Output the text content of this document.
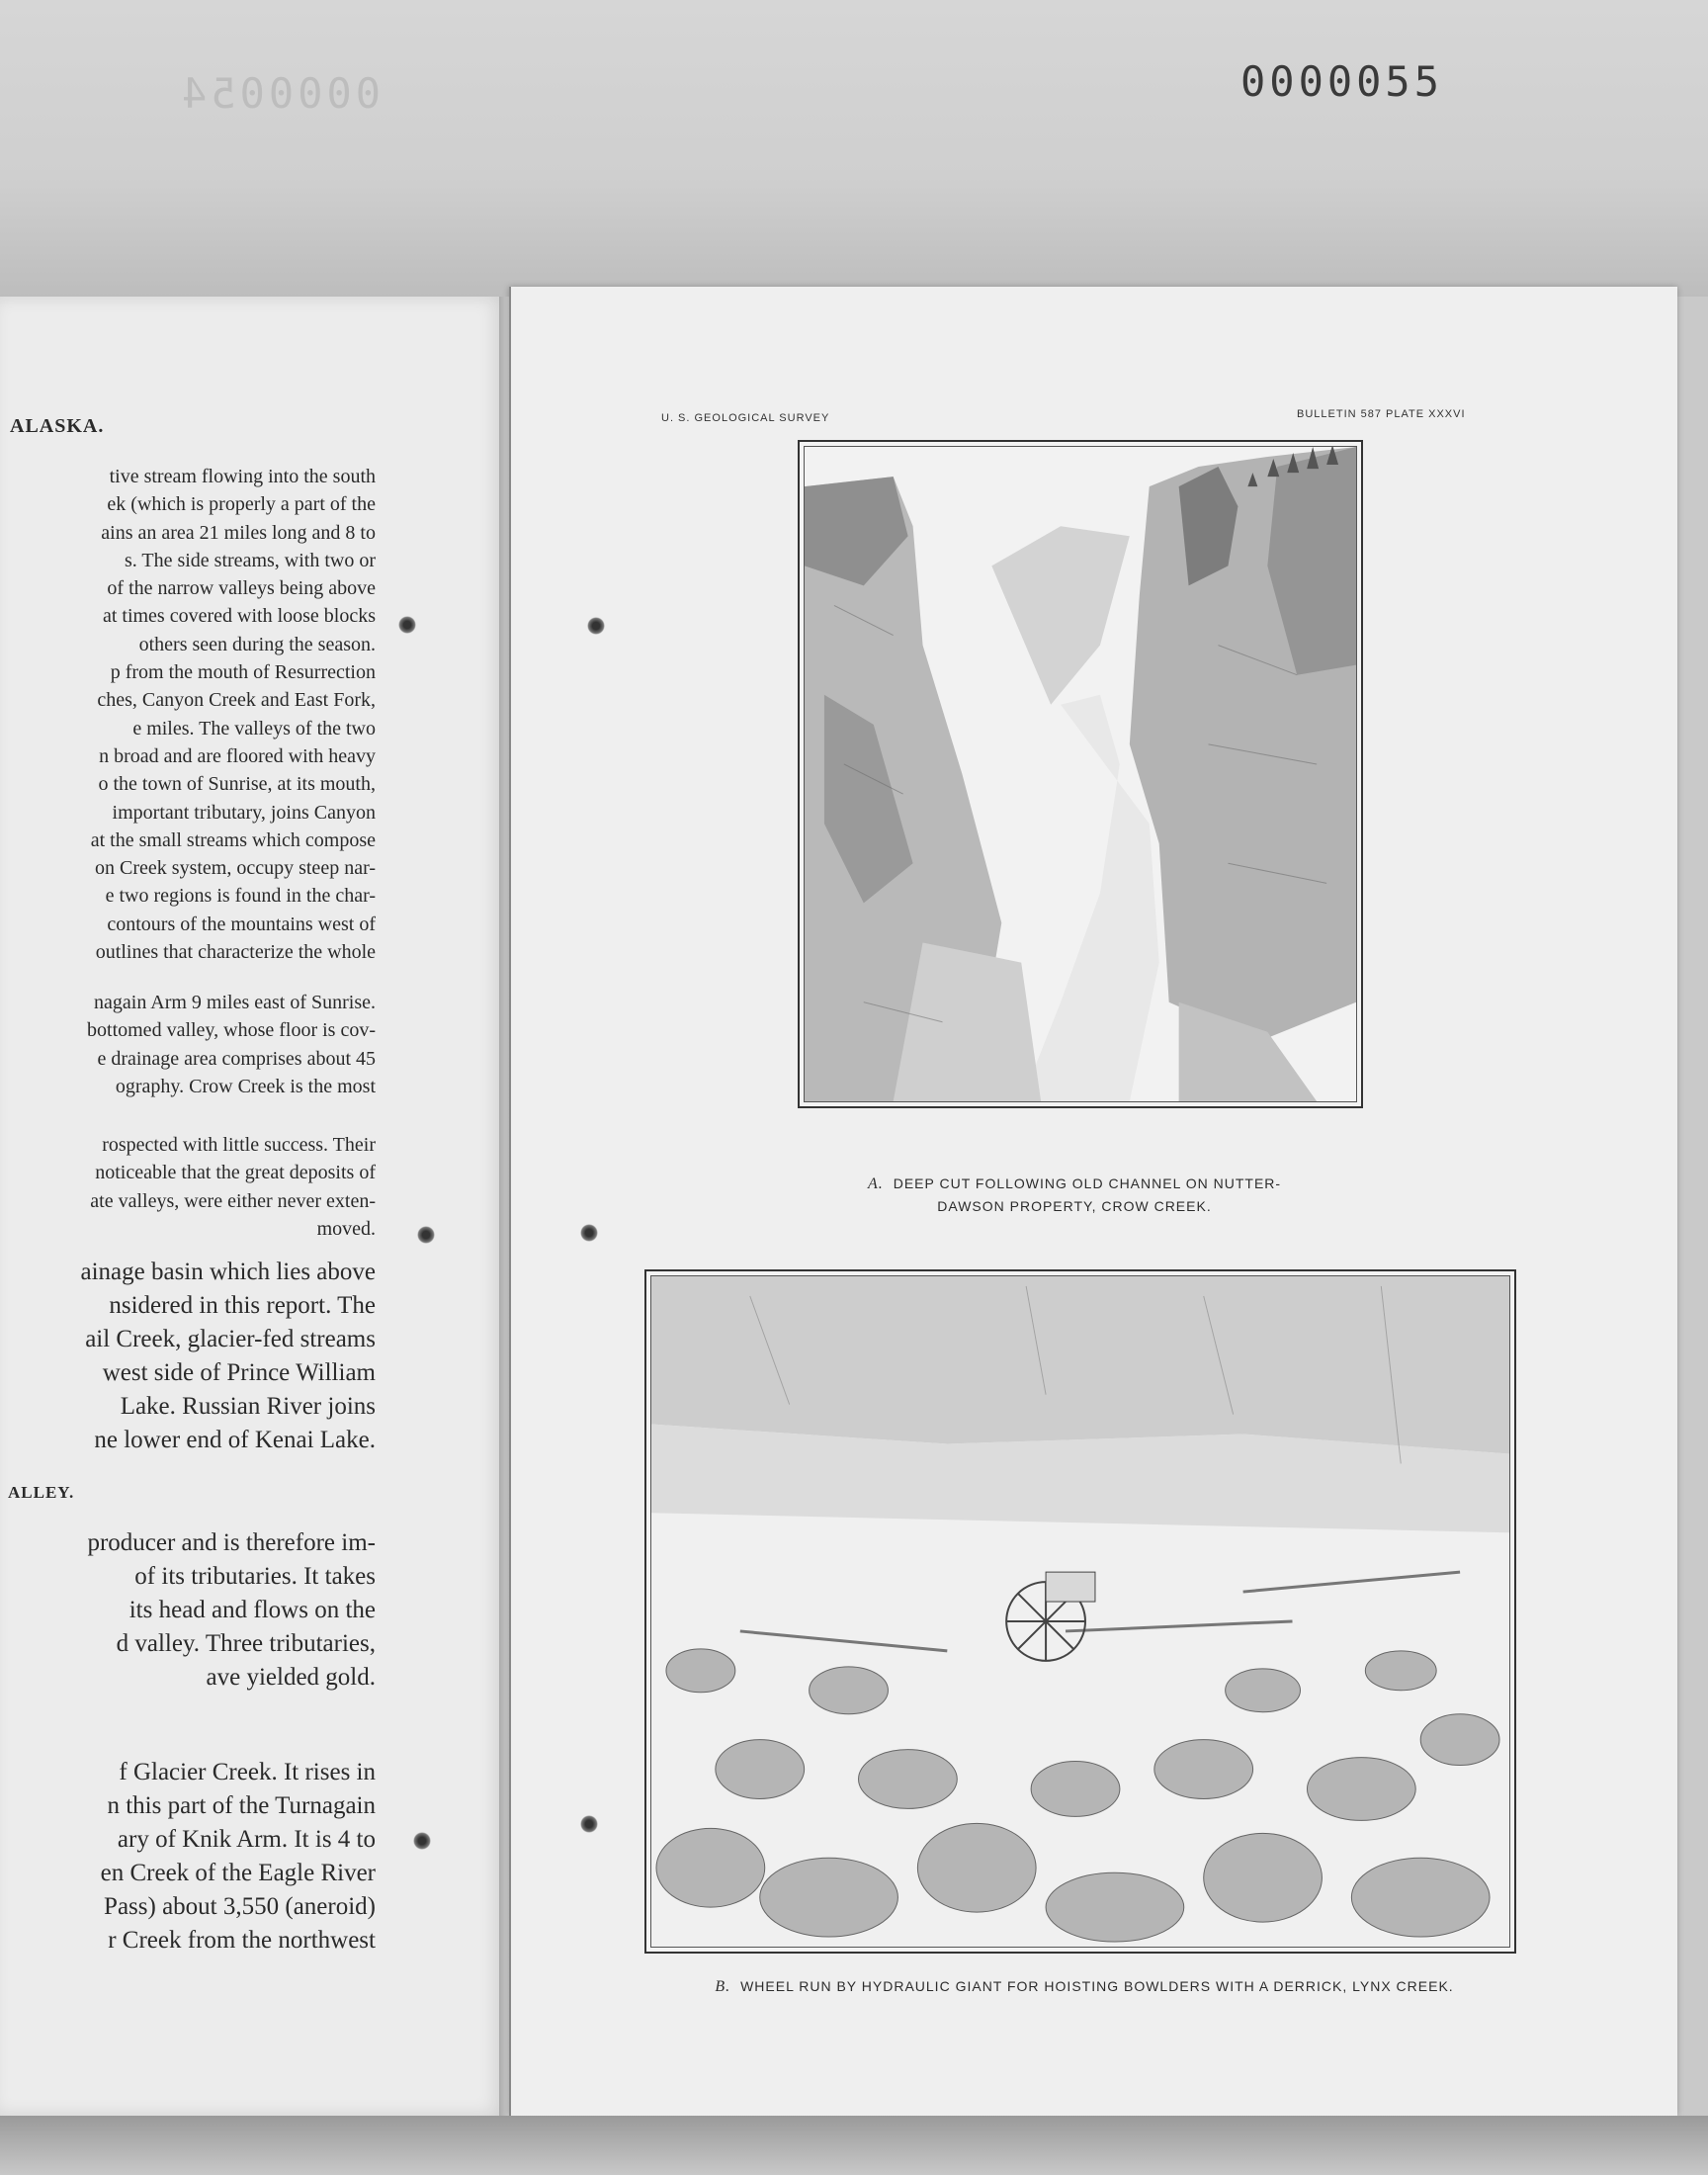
0000054	0000055
ALASKA.
tive stream flowing into the south
ek (which is properly a part of the
ains an area 21 miles long and 8 to
s. The side streams, with two or
of the narrow valleys being above
at times covered with loose blocks
others seen during the season.
p from the mouth of Resurrection
ches, Canyon Creek and East Fork,
e miles. The valleys of the two
n broad and are floored with heavy
o the town of Sunrise, at its mouth,
important tributary, joins Canyon
at the small streams which compose
on Creek system, occupy steep nar-
e two regions is found in the char-
contours of the mountains west of
outlines that characterize the whole
nagain Arm 9 miles east of Sunrise.
bottomed valley, whose floor is cov-
e drainage area comprises about 45
ography. Crow Creek is the most
rospected with little success. Their
noticeable that the great deposits of
ate valleys, were either never exten-
moved.
ainage basin which lies above
nsidered in this report. The
ail Creek, glacier-fed streams
west side of Prince William
Lake. Russian River joins
ne lower end of Kenai Lake.
ALLEY.
producer and is therefore im-
of its tributaries. It takes
its head and flows on the
d valley. Three tributaries,
ave yielded gold.
f Glacier Creek. It rises in
n this part of the Turnagain
ary of Knik Arm. It is 4 to
en Creek of the Eagle River
Pass) about 3,550 (aneroid)
r Creek from the northwest
U. S. GEOLOGICAL SURVEY	BULLETIN 587 PLATE XXXVI
A. DEEP CUT FOLLOWING OLD CHANNEL ON NUTTER-
DAWSON PROPERTY, CROW CREEK.
B. WHEEL RUN BY HYDRAULIC GIANT FOR HOISTING BOWLDERS WITH A DERRICK, LYNX CREEK.
